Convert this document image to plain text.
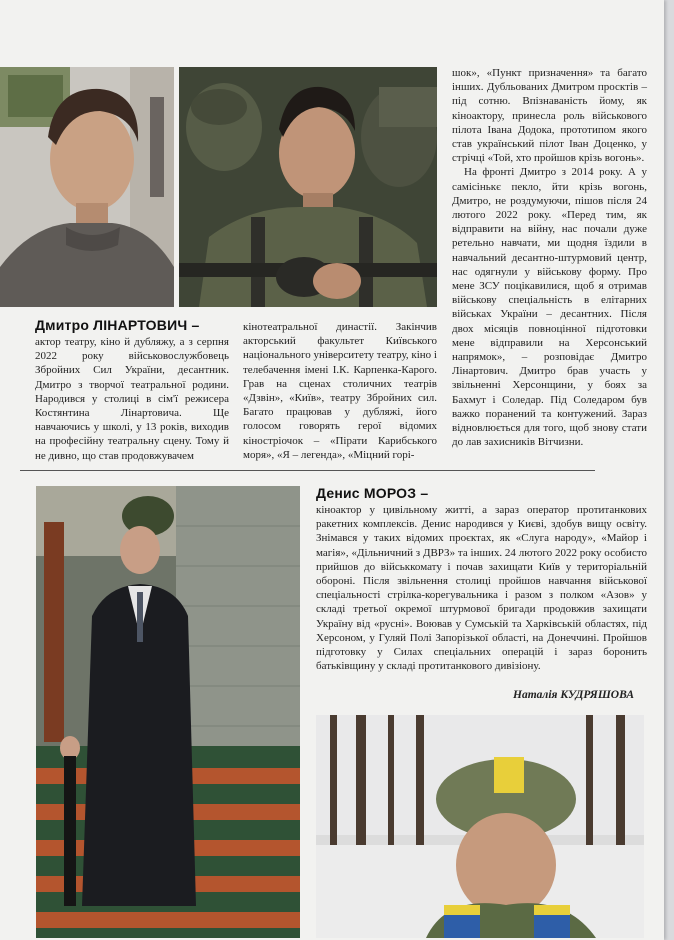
Дмитро ЛІНАРТОВИЧ –

актор театру, кіно й дубляжу, а з серпня 2022 року військовослужбовець Збройних Сил України, десантник. Дмитро з творчої театральної родини. Народився у столиці в сім'ї режисера Костянтина Лінартовича. Ще навчаючись у школі, у 13 років, виходив на професійну театральну сцену. Тому й не дивно, що став продовжувачем

кінотеатральної династії. Закінчив акторський факультет Київського національного університету театру, кіно і телебачення імені І.К. Карпенка-Карого. Грав на сценах столичних театрів «Дзвін», «Київ», театру Збройних сил. Багато працював у дубляжі, його голосом говорять герої відомих кіностріочок – «Пірати Карибського моря», «Я – легенда», «Міцний горі-

шок», «Пункт призначення» та багато інших. Дубльованих Дмитром просктів – під сотню. Впізнаваність йому, як кіноактору, принесла роль військового пілота Івана Додока, прототипом якого став український пілот Іван Доценко, у стрічці «Той, хто пройшов крізь вогонь».

На фронті Дмитро з 2014 року. А у самісінькє пекло, йти крізь вогонь, Дмитро, не роздумуючи, пішов після 24 лютого 2022 року. «Перед тим, як відправити на війну, нас почали дуже ретельно навчати, ми щодня їздили в навчальний десантно-штурмовий центр, нас одягнули у військову форму. Про мене ЗСУ поцікавилися, щоб я отримав військову спеціальність в елітарних військах України – десантних. Після двох місяців повноцінної підготовки мене відправили на Херсонський напрямок», – розповідає Дмитро Лінартович. Дмитро брав участь у звільненні Херсонщини, у боях за Бахмут і Соледар. Під Соледаром був важко поранений та контужений. Зараз відновлюється для того, щоб знову стати до лав захисників Вітчизни.

Денис МОРОЗ –

кіноактор у цивільному житті, а зараз оператор протитанкових ракетних комплексів. Денис народився у Києві, здобув вищу освіту. Знімався у таких відомих проєктах, як «Слуга народу», «Майор і магія», «Дільничний з ДВРЗ» та інших. 24 лютого 2022 року особисто прийшов до військкомату і почав захищати Київ у територіальній обороні. Після звільнення столиці пройшов навчання військової спеціальності стрілка-корегувальника і разом з полком «Азов» у складі третьої окремої штурмової бригади продовжив захищати Україну від «русні». Воював у Сумській та Харківській областях, під Херсоном, у Гуляй Полі Запорізької області, на Донеччині. Пройшов підготовку у Силах спеціальних операцій і зараз боронить батьківщину у складі протитанкового дивізіону.

Наталія КУДРЯШОВА
